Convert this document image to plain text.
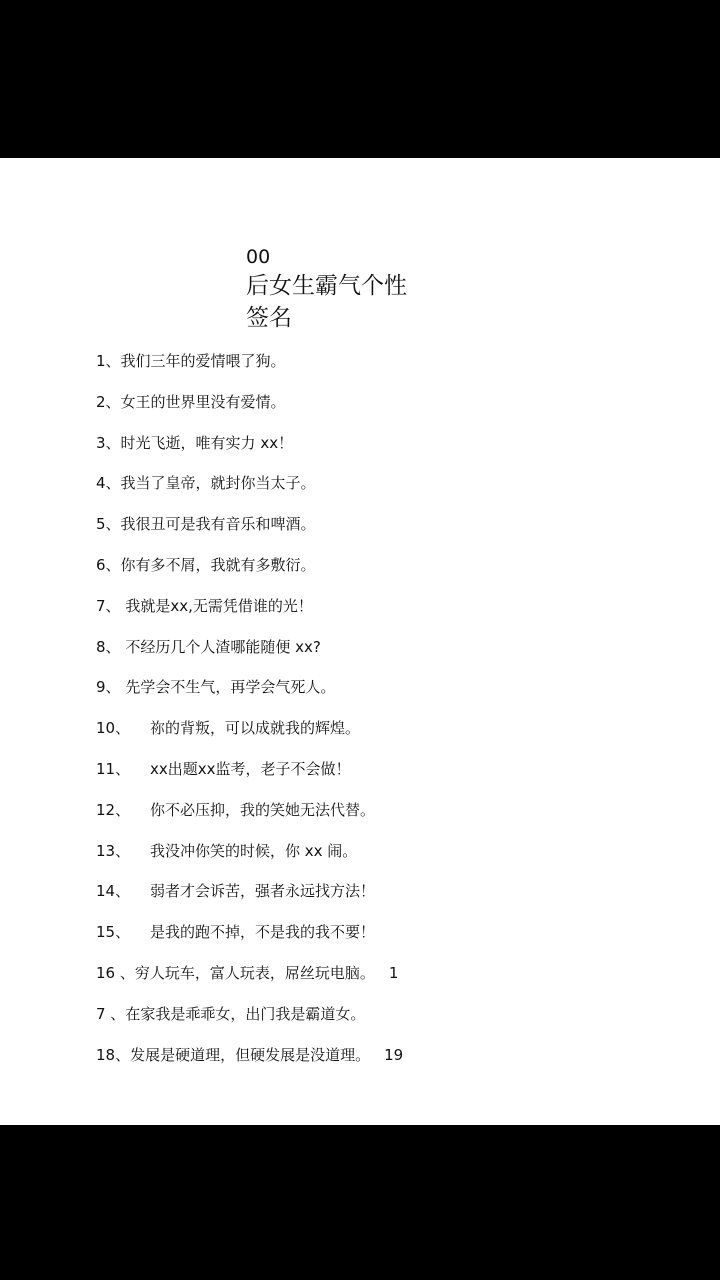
00
后女生霸气个性
签名
1、我们三年的爱情喂了狗。
2、女王的世界里没有爱情。
3、时光飞逝，唯有实力 xx！
4、我当了皇帝，就封你当太子。
5、我很丑可是我有音乐和啤酒。
6、你有多不屑，我就有多敷衍。
7、 我就是xx,无需凭借谁的光！
8、 不经历几个人渣哪能随便 xx?
9、 先学会不生气，再学会气死人。
10、 祢的背叛，可以成就我的辉煌。
11、 xx出题xx监考，老子不会做！
12、 你不必压抑，我的笑她无法代替。
13、 我没冲你笑的时候，你 xx 闹。
14、 弱者才会诉苦，强者永远找方法！
15、 是我的跑不掉，不是我的我不要！
16 、穷人玩车，富人玩表，屌丝玩电脑。 1
7 、在家我是乖乖女，出门我是霸道女。
18、发展是硬道理，但硬发展是没道理。 19
